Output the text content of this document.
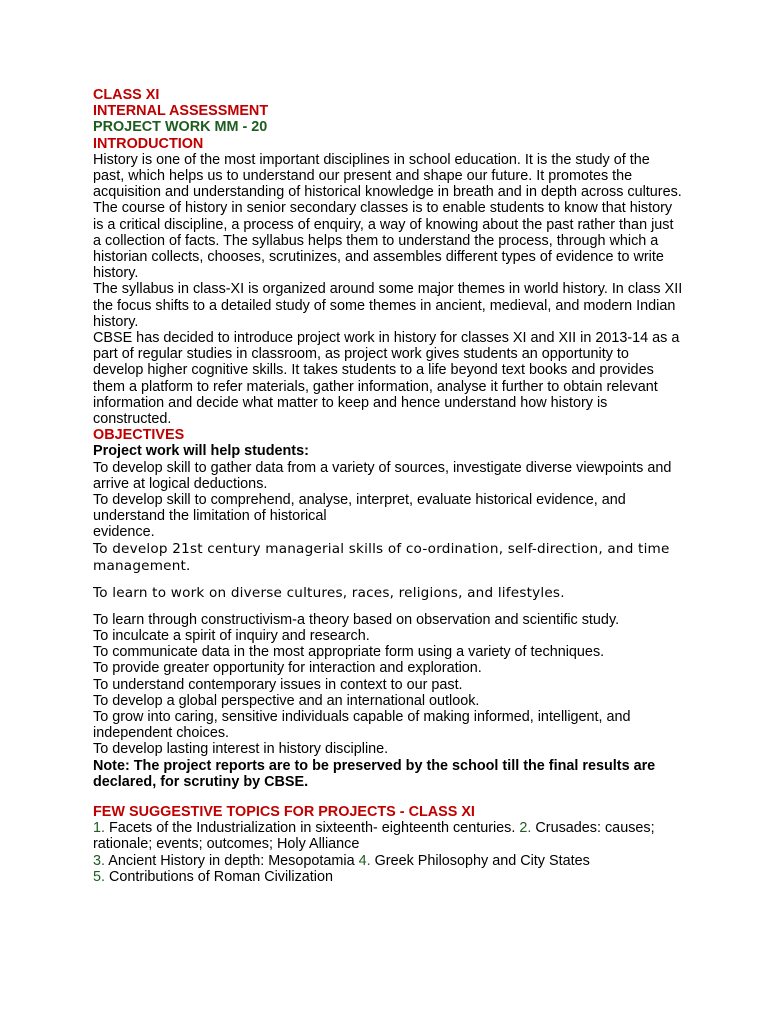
CLASS XI

INTERNAL ASSESSMENT

PROJECT WORK MM - 20

INTRODUCTION

History is one of the most important disciplines in school education. It is the study of the past, which helps us to understand our present and shape our future. It promotes the acquisition and understanding of historical knowledge in breath and in depth across cultures.

The course of history in senior secondary classes is to enable students to know that history is a critical discipline, a process of enquiry, a way of knowing about the past rather than just a collection of facts. The syllabus helps them to understand the process, through which a historian collects, chooses, scrutinizes, and assembles different types of evidence to write history.

The syllabus in class-XI is organized around some major themes in world history. In class XII the focus shifts to a detailed study of some themes in ancient, medieval, and modern Indian history.

CBSE has decided to introduce project work in history for classes XI and XII in 2013-14 as a part of regular studies in classroom, as project work gives students an opportunity to develop higher cognitive skills. It takes students to a life beyond text books and provides them a platform to refer materials, gather information, analyse it further to obtain relevant information and decide what matter to keep and hence understand how history is constructed.

OBJECTIVES

Project work will help students:

To develop skill to gather data from a variety of sources, investigate diverse viewpoints and arrive at logical deductions.

To develop skill to comprehend, analyse, interpret, evaluate historical evidence, and understand the limitation of historical

evidence.

To develop 21st century managerial skills of co-ordination, self-direction, and time management.

To learn to work on diverse cultures, races, religions, and lifestyles.

To learn through constructivism-a theory based on observation and scientific study.

To inculcate a spirit of inquiry and research.

To communicate data in the most appropriate form using a variety of techniques.

To provide greater opportunity for interaction and exploration.

To understand contemporary issues in context to our past.

To develop a global perspective and an international outlook.

To grow into caring, sensitive individuals capable of making informed, intelligent, and independent choices.

To develop lasting interest in history discipline.

Note: The project reports are to be preserved by the school till the final results are declared, for scrutiny by CBSE.

FEW SUGGESTIVE TOPICS FOR PROJECTS - CLASS XI

1. Facets of the Industrialization in sixteenth- eighteenth centuries. 2. Crusades: causes; rationale; events; outcomes; Holy Alliance

3. Ancient History in depth: Mesopotamia 4. Greek Philosophy and City States

5. Contributions of Roman Civilization
